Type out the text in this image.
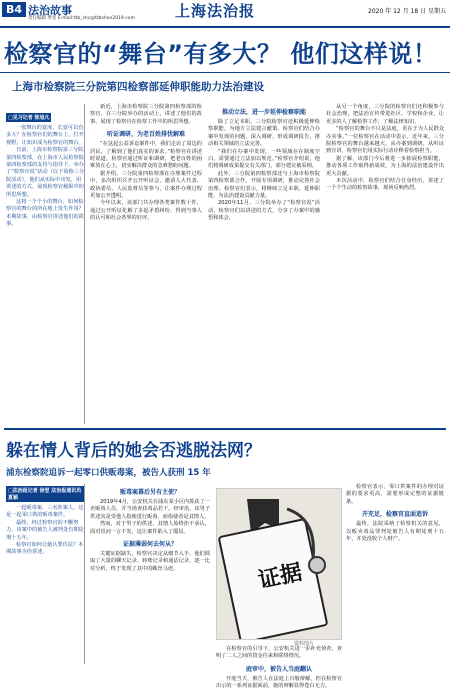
B4 法治故事
责任编辑 季星 E-mail:fzb_shc@fzbshen2019.com	上海法治报	2020 年 12 月 18 日 星期五
检察官的“舞台”有多大？ 他们这样说！
上海市检察院三分院第四检察部延伸职能助力法治建设
□见习记者 陈旭凡

一张舞台的宽度、长宽可以有多大？在检察官们的舞台上，打开视野，让知识成为检察官的舞台。

日前，上海市检察院第三分院第四检察部，在上海市人民检察院第四检察部的支持与指导下，举办了“检察官说”活动（以下简称三分院活动），他们从实际中出发，用讲述的方式，展现检察官履职中的所思所想。

这将一个个小的舞台，如何检察官的舞台的所在地上发生作用？本期故事，由检察官讲述他们的故事。

新近，上海市检察院三分院第四检察部的检察官，在三分院举办的活动上，讲述了他们的故事，展现了检察官在检察工作中的所思所想。

听证调研，为老百姓排忧解难

“在这起公益诉讼案件中，我们走访了周边的居民，了解到了他们真实的诉求。”检察官在讲述时说道，检察官通过听证和调研，把老百姓的困难放在心上，切实解决群众的急难愁盼问题。

据介绍，三分院第四检察部在办理案件过程中，多次组织召开公开听证会，邀请人大代表、政协委员、人民监督员等参与，让案件办理过程更加公开透明。

今年以来，该部门共办理各类案件数十件，通过公开听证化解了多起矛盾纠纷，得到当事人的认可和社会各界的好评。

推动立法，进一步延伸检察职能

除了立足本职，三分院检察官还积极延伸检察职能，为地方立法建言献策。检察官们结合办案中发现的问题，深入调研，形成调研报告，推动相关领域的立法完善。

“我们在办案中发现，一些领域存在制度空白，需要通过立法加以规范。”检察官介绍说，他们将调研成果提交有关部门，部分建议被采纳。

此外，三分院第四检察部还与上海市检察院第四检察部合作，开展专项调研，推动完善社会治理。检察官们表示，将继续立足本职，延伸职能，为法治建设贡献力量。

2020年11月，三分院举办了“检察官说”活动，检察官们以讲述的方式，分享了办案中的感悟和体会。

从另一个角度，三分院的检察官们还积极参与社会治理，把法治宣传带进社区、学校和企业，让更多的人了解检察工作，了解法律知识。

“检察官的舞台不只是法庭，更在于为人民群众办实事。”一位检察官在活动中表示。近年来，三分院检察官的舞台越来越大，从办案到调研，从听证到宣讲，检察官们用实际行动诠释着检察担当。

据了解，该部门今后将进一步拓展检察职能，推动各项工作取得新成效，为上海的法治建设作出更大贡献。

本次活动中，检察官们结合自身经历，讲述了一个个生动的检察故事，现场反响热烈。

躲在情人背后的她会否逃脱法网？
浦东检察院追诉一起零口供贩毒案，被告人获刑 15 年
□法治报记者 徐翌 法治报通讯员 夏颖

一起贩毒案，三名涉案人，这是一起零口供的贩毒案件。

最终，经过检察官的不懈努力，该案中的被告人被判处有期徒刑十五年。

检察官如何让她认罪伏法？本期故事为你讲述。

贩毒案幕后另有主使？

2019年4月，公安机关在浦东某小区内抓获了一名贩毒人员，并当场查获毒品若干。经审讯，该男子供述其是受他人指使进行贩毒，而指使者是其情人。

然而，对于男子的供述，其情人始终拒不承认，面对讯问一言不发，这让案件陷入了僵局。

证据薄弱何去何从？

关键证据缺失，检察官决定从细节入手。他们调取了大量的聊天记录、转账记录和通话记录，逐一比对分析，终于发现了其中的蛛丝马迹。	证据
资料图片

检察官表示，零口供案件的办理对证据的要求更高，需要形成完整的证据链条。

开充足，检察官直面追诉

最终，法院采纳了检察机关的意见，以贩卖毒品罪判处被告人有期徒刑十五年，并处没收个人财产。

在检察官的引导下，公安机关进一步补充侦查，查明了二人之间的资金往来和联络情况。

庭审中，被告人当庭翻认

开庭当天，被告人在法庭上百般辩解，但在检察官出示的一系列证据面前，她的辩解显得苍白无力。
